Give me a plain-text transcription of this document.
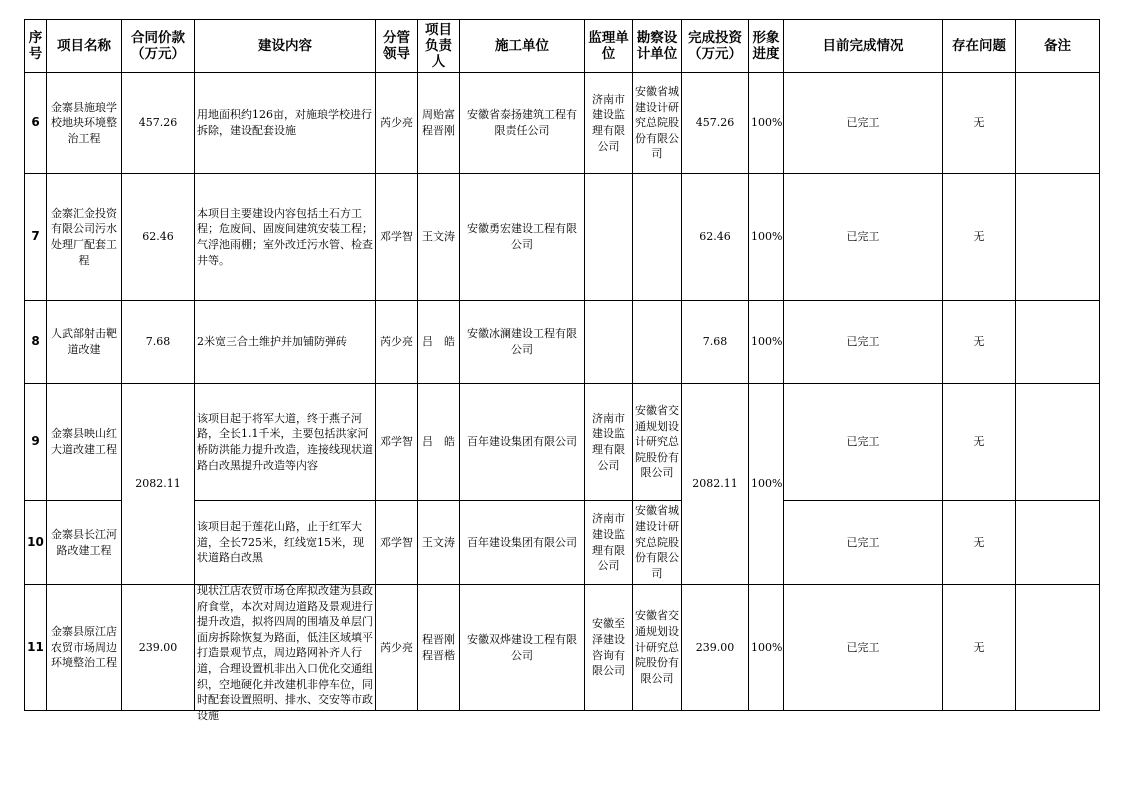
序号	项目名称	合同价款（万元）	建设内容	分管领导	项目负责人	施工单位	监理单位	勘察设计单位	完成投资（万元）	形象进度	目前完成情况	存在问题	备注
6	金寨县施琅学校地块环境整治工程	457.26	用地面积约126亩，对施琅学校进行拆除，建设配套设施	芮少亮	周贻富程晋刚	安徽省泰扬建筑工程有限责任公司	济南市建设监理有限公司	安徽省城建设计研究总院股份有限公司	457.26	100%	已完工	无	
7	金寨汇金投资有限公司污水处理厂配套工程	62.46	本项目主要建设内容包括土石方工程；危废间、固废间建筑安装工程；气浮池雨棚；室外改迁污水管、检查井等。	邓学智	王文涛	安徽勇宏建设工程有限公司			62.46	100%	已完工	无	
8	人武部射击靶道改建	7.68	2米宽三合土维护并加铺防弹砖	芮少亮	吕　皓	安徽冰澜建设工程有限公司			7.68	100%	已完工	无	
9	金寨县映山红大道改建工程	2082.11	该项目起于将军大道，终于燕子河路，全长1.1千米，主要包括洪家河桥防洪能力提升改造，连接线现状道路白改黑提升改造等内容	邓学智	吕　皓	百年建设集团有限公司	济南市建设监理有限公司	安徽省交通规划设计研究总院股份有限公司	2082.11	100%	已完工	无	
10	金寨县长江河路改建工程		该项目起于莲花山路，止于红军大道，全长725米，红线宽15米，现状道路白改黑	邓学智	王文涛	百年建设集团有限公司	济南市建设监理有限公司	安徽省城建设计研究总院股份有限公司			已完工	无	
11	金寨县原江店农贸市场周边环境整治工程	239.00	现状江店农贸市场仓库拟改建为县政府食堂，本次对周边道路及景观进行提升改造，拟将四周的围墙及单层门面房拆除恢复为路面，低洼区域填平打造景观节点，周边路网补齐人行道，合理设置机非出入口优化交通组织，空地硬化并改建机非停车位，同时配套设置照明、排水、交安等市政设施	芮少亮	程晋刚程晋楷	安徽双烨建设工程有限公司	安徽至泽建设咨询有限公司	安徽省交通规划设计研究总院股份有限公司	239.00	100%	已完工	无	
